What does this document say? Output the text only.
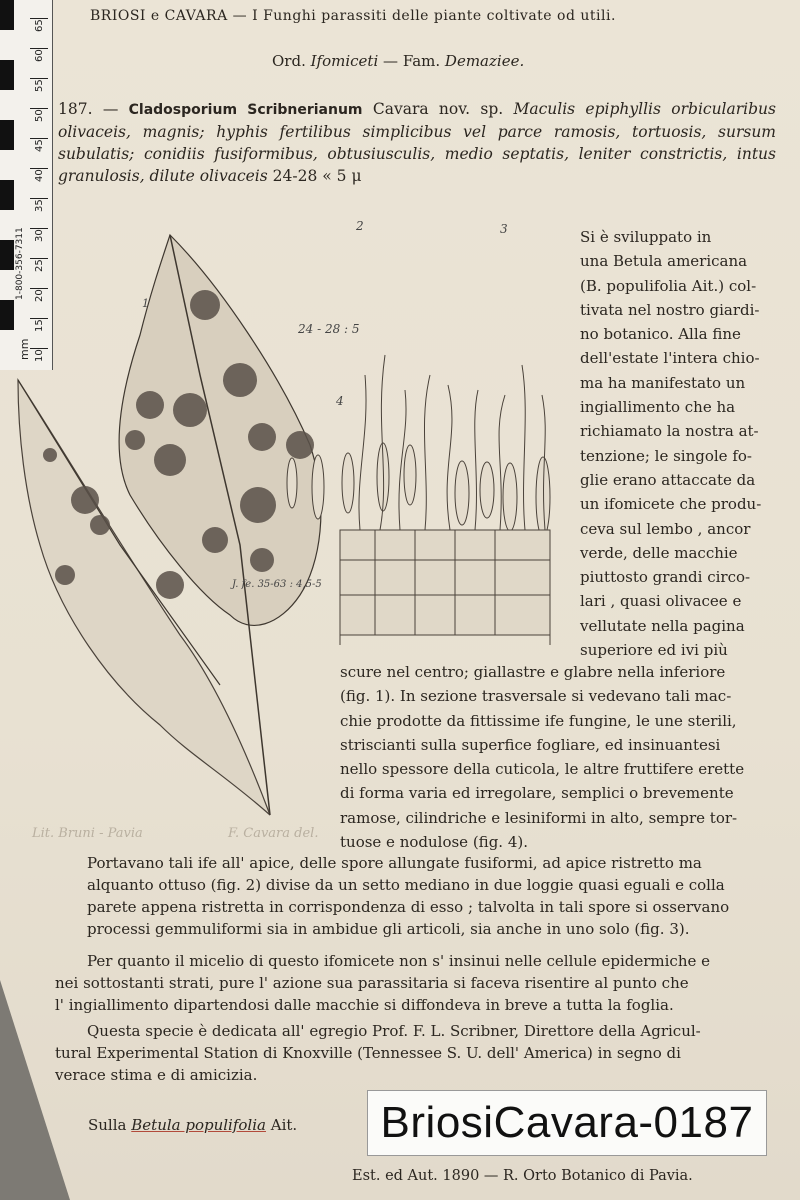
65
60
55
50
45
40
35
30
25
20
15
10
1-800-356-7311
mm
BRIOSI e CAVARA — I Funghi parassiti delle piante coltivate od utili.
Ord. Ifomiceti — Fam. Demaziee.
187. — Cladosporium Scribnerianum Cavara nov. sp. Maculis epiphyllis orbicularibus olivaceis, magnis; hyphis fertilibus simplicibus vel parce ramosis, tortuosis, sursum subulatis; conidiis fusiformibus, obtusiusculis, medio septatis, leniter constrictis, intus granulosis, dilute olivaceis 24-28 « 5 μ
1
2
24 - 28 : 5
3
4
J. fe. 35-63 : 4,5-5
Si è sviluppato in
una Betula americana
(B. populifolia Ait.) col-
tivata nel nostro giardi-
no botanico. Alla fine
dell'estate l'intera chio-
ma ha manifestato un
ingiallimento che ha
richiamato la nostra at-
tenzione; le singole fo-
glie erano attaccate da
un ifomicete che produ-
ceva sul lembo , ancor
verde, delle macchie
piuttosto grandi circo-
lari , quasi olivacee e
vellutate nella pagina
superiore ed ivi più
scure nel centro; giallastre e glabre nella inferiore
(fig. 1). In sezione trasversale si vedevano tali mac-
chie prodotte da fittissime ife fungine, le une sterili,
striscianti sulla superfice fogliare, ed insinuantesi
nello spessore della cuticola, le altre fruttifere erette
di forma varia ed irregolare, semplici o brevemente
ramose, cilindriche e lesiniformi in alto, sempre tor-
tuose e nodulose (fig. 4).
Lit. Bruni - Pavia	F. Cavara del.
Portavano tali ife all' apice, delle spore allungate fusiformi, ad apice ristretto ma
alquanto ottuso (fig. 2) divise da un setto mediano in due loggie quasi eguali e colla
parete appena ristretta in corrispondenza di esso ; talvolta in tali spore si osservano
processi gemmuliformi sia in ambidue gli articoli, sia anche in uno solo (fig. 3).
Per quanto il micelio di questo ifomicete non s' insinui nelle cellule epidermiche e
nei sottostanti strati, pure l' azione sua parassitaria si faceva risentire al punto che
l' ingiallimento dipartendosi dalle macchie si diffondeva in breve a tutta la foglia.
Questa specie è dedicata all' egregio Prof. F. L. Scribner, Direttore della Agricul-
tural Experimental Station di Knoxville (Tennessee S. U. dell' America) in segno di
verace stima e di amicizia.
Sulla Betula populifolia Ait.	BriosiCavara-0187
Est. ed Aut. 1890 — R. Orto Botanico di Pavia.
